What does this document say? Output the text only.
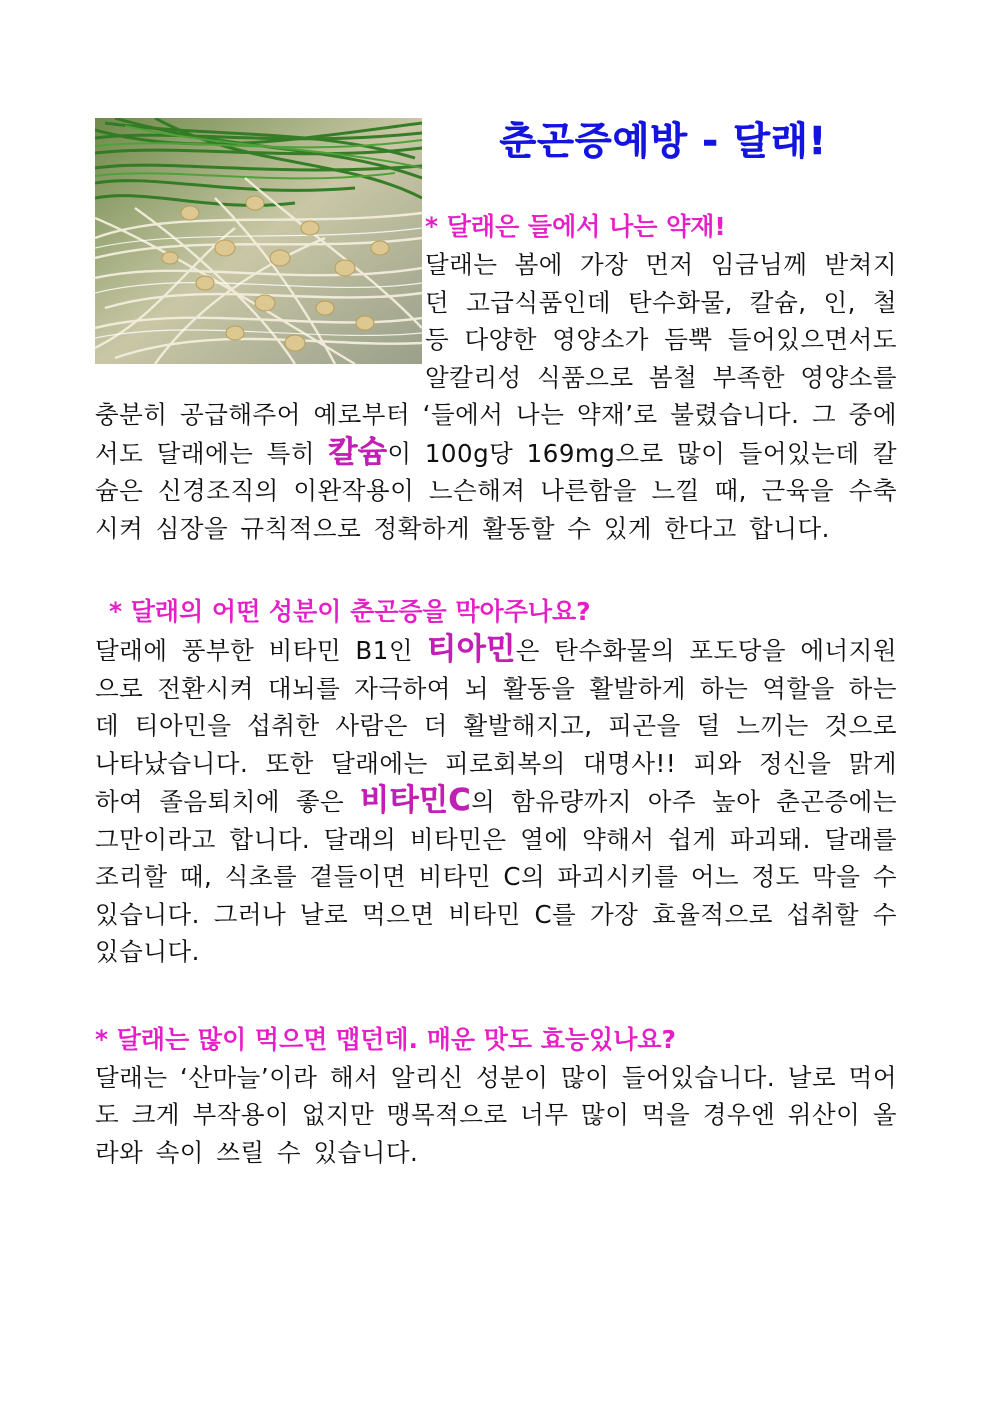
춘곤증예방 - 달래!
* 달래은 들에서 나는 약재!

달래는 봄에 가장 먼저 임금님께 받쳐지던 고급식품인데 탄수화물, 칼슘, 인, 철 등 다양한 영양소가 듬뿍 들어있으면서도 알칼리성 식품으로 봄철 부족한 영양소를 충분히 공급해주어 예로부터 ‘들에서 나는 약재’로 불렸습니다. 그 중에서도 달래에는 특히 칼슘이 100g당 169mg으로 많이 들어있는데 칼슘은 신경조직의 이완작용이 느슨해져 나른함을 느낄 때, 근육을 수축시켜 심장을 규칙적으로 정확하게 활동할 수 있게 한다고 합니다.

* 달래의 어떤 성분이 춘곤증을 막아주나요?

달래에 풍부한 비타민 B1인 티아민은 탄수화물의 포도당을 에너지원으로 전환시켜 대뇌를 자극하여 뇌 활동을 활발하게 하는 역할을 하는데 티아민을 섭취한 사람은 더 활발해지고, 피곤을 덜 느끼는 것으로 나타났습니다. 또한 달래에는 피로회복의 대명사!! 피와 정신을 맑게 하여 졸음퇴치에 좋은 비타민C의 함유량까지 아주 높아 춘곤증에는 그만이라고 합니다. 달래의 비타민은 열에 약해서 쉽게 파괴돼. 달래를 조리할 때, 식초를 곁들이면 비타민 C의 파괴시키를 어느 정도 막을 수 있습니다. 그러나 날로 먹으면 비타민 C를 가장 효율적으로 섭취할 수 있습니다.

* 달래는 많이 먹으면 맵던데. 매운 맛도 효능있나요?

달래는 ‘산마늘’이라 해서 알리신 성분이 많이 들어있습니다. 날로 먹어도 크게 부작용이 없지만 맹목적으로 너무 많이 먹을 경우엔 위산이 올라와 속이 쓰릴 수 있습니다.
